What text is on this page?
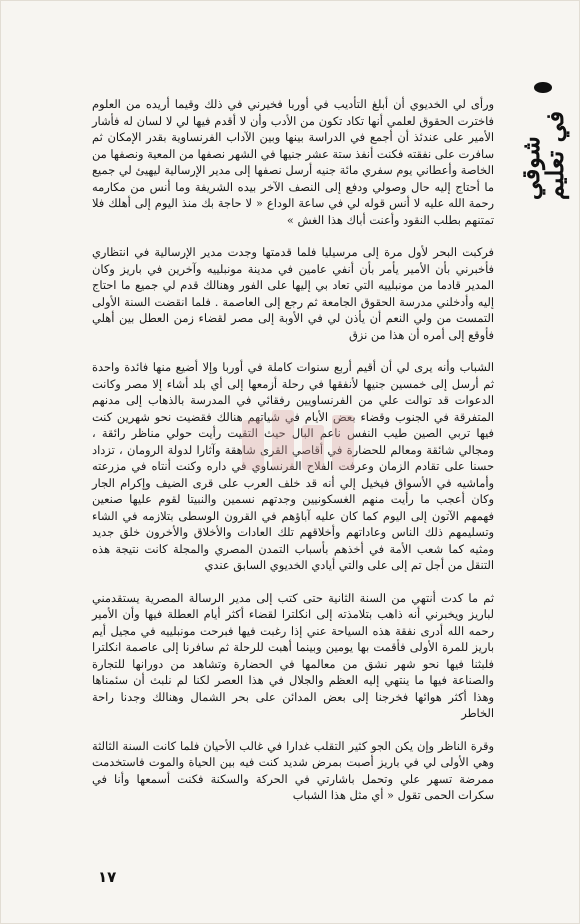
شوقي في تعليم

ورأى لي الخديوي أن أبلغ التأديب في أوربا فخيرني في ذلك وقيما أريده من العلوم فاخترت الحقوق لعلمي أنها تكاد تكون من الأدب وأن لا أقدم فيها لي لا لسان له فأشار الأمير على عندئذ أن أجمع في الدراسة بينها وبين الآداب الفرنساوية بقدر الإمكان ثم سافرت على نفقته فكنت أنفذ ستة عشر جنيها في الشهر نصفها من المعية ونصفها من الخاصة وأعطاني يوم سفري مائة جنيه أرسل نصفها إلى مدير الإرسالية ليهيئ لي جميع ما أحتاج إليه حال وصولي ودفع إلى النصف الآخر بيده الشريفة وما أنس من مكارمه رحمة الله عليه لا أنس قوله لي في ساعة الوداع « لا حاجة بك منذ اليوم إلى أهلك فلا تمتنهم بطلب النقود وأعنت أباك هذا الغش »

فركبت البحر لأول مرة إلى مرسيليا فلما قدمتها وجدت مدير الإرسالية في انتظاري فأخبرني بأن الأمير يأمر بأن أنفي عامين في مدينة مونبلييه وآخرين في باريز وكان المدير قادما من مونبلييه التي تعاد بي إليها على الفور وهنالك قدم لي جميع ما احتاج إليه وأدخلني مدرسة الحقوق الجامعة ثم رجع إلى العاصمة . فلما انقضت السنة الأولى التمست من ولي النعم أن يأذن لي في الأوبة إلى مصر لقضاء زمن العطل بين أهلي فأوقع إلى أمره أن هذا من نزق

الشباب وأنه يرى لي أن أقيم أربع سنوات كاملة في أوربا وإلا أضيع منها فائدة واحدة ثم أرسل إلى خمسين جنيها لأنفقها في رحلة أزمعها إلى أي بلد أشاء إلا مصر وكانت الدعوات قد توالت علي من الفرنساويين رفقائي في المدرسة بالذهاب إلى مدنهم المتفرقة في الجنوب وقضاء بعض الأيام في شياتهم هنالك فقضيت نحو شهرين كنت فيها تربي الصين طيب النفس ناعم البال حيث التقيت رأيت حولي مناظر رائقة ، ومجالي شائقة ومعالم للحضارة في أقاصي القرى شاهقة وآثارا لدولة الرومان ، تزداد حسنا على تقادم الزمان وعرفت الفلاح الفرنساوي في داره وكنت أنتاه في مزرعته وأماشيه في الأسواق فيخيل إلي أنه قد خلف العرب على قرى الضيف وإكرام الجار وكان أعجب ما رأيت منهم الغسكونيين وجدتهم نسمين والنبيتا لقوم عليها صنعين فهمهم الآتون إلى اليوم كما كان عليه آباؤهم في القرون الوسطى بتلازمه في الشاء وتسليمهم ذلك الناس وعاداتهم وأخلاقهم تلك العادات والأخلاق والأخرون خلق جديد ومثيه كما شعب الأمة في أخذهم بأسباب التمدن المصري والمجلة كانت نتيجة هذه التنقل من أجل تم إلى على والتي أيادي الخديوي السابق عندي

ثم ما كدت أنتهي من السنة الثانية حتى كتب إلى مدير الرسالة المصرية يستقدمني لباريز ويخبرني أنه ذاهب بتلامذته إلى انكلترا لقضاء أكثر أيام العطلة فيها وأن الأمير رحمه الله أدرى نفقة هذه السياحة عني إذا رغبت فيها فبرحت مونبلييه في مجيل أيم باريز للمرة الأولى فأقمت بها يومين وبينما أهبت للرحلة ثم سافرنا إلى عاصمة انكلترا فلبثنا فيها نحو شهر نشق من معالمها في الحضارة وتشاهد من دورانها للتجارة والصناعة فيها ما ينتهي إليه العظم والجلال في هذا العصر لكنا لم نلبث أن سئمناها وهذا أكثر هوائها فخرجنا إلى بعض المدائن على بحر الشمال وهنالك وجدنا راحة الخاطر

وقرة الناظر وإن يكن الجو كثير التقلب غدارا في غالب الأحيان فلما كانت السنة الثالثة وهي الأولى لي في باريز أصبت بمرض شديد كنت فيه بين الحياة والموت فاستخدمت ممرضة تسهر علي وتحمل باشارتي في الحركة والسكنة فكنت أسمعها وأنا في سكرات الحمى تقول « أي مثل هذا الشباب

١٧
